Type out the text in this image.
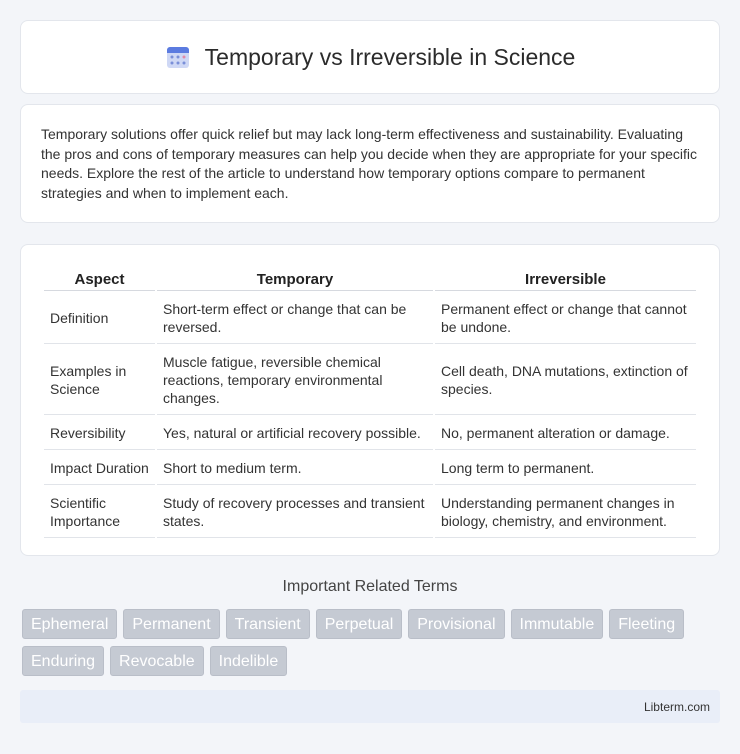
Temporary vs Irreversible in Science

Temporary solutions offer quick relief but may lack long-term effectiveness and sustainability. Evaluating the pros and cons of temporary measures can help you decide when they are appropriate for your specific needs. Explore the rest of the article to understand how temporary options compare to permanent strategies and when to implement each.

Aspect	Temporary	Irreversible
Definition	Short-term effect or change that can be reversed.	Permanent effect or change that cannot be undone.
Examples in Science	Muscle fatigue, reversible chemical reactions, temporary environmental changes.	Cell death, DNA mutations, extinction of species.
Reversibility	Yes, natural or artificial recovery possible.	No, permanent alteration or damage.
Impact Duration	Short to medium term.	Long term to permanent.
Scientific Importance	Study of recovery processes and transient states.	Understanding permanent changes in biology, chemistry, and environment.
Important Related Terms
Ephemeral	Permanent	Transient	Perpetual	Provisional	Immutable	Fleeting
Enduring	Revocable	Indelible
Libterm.com
